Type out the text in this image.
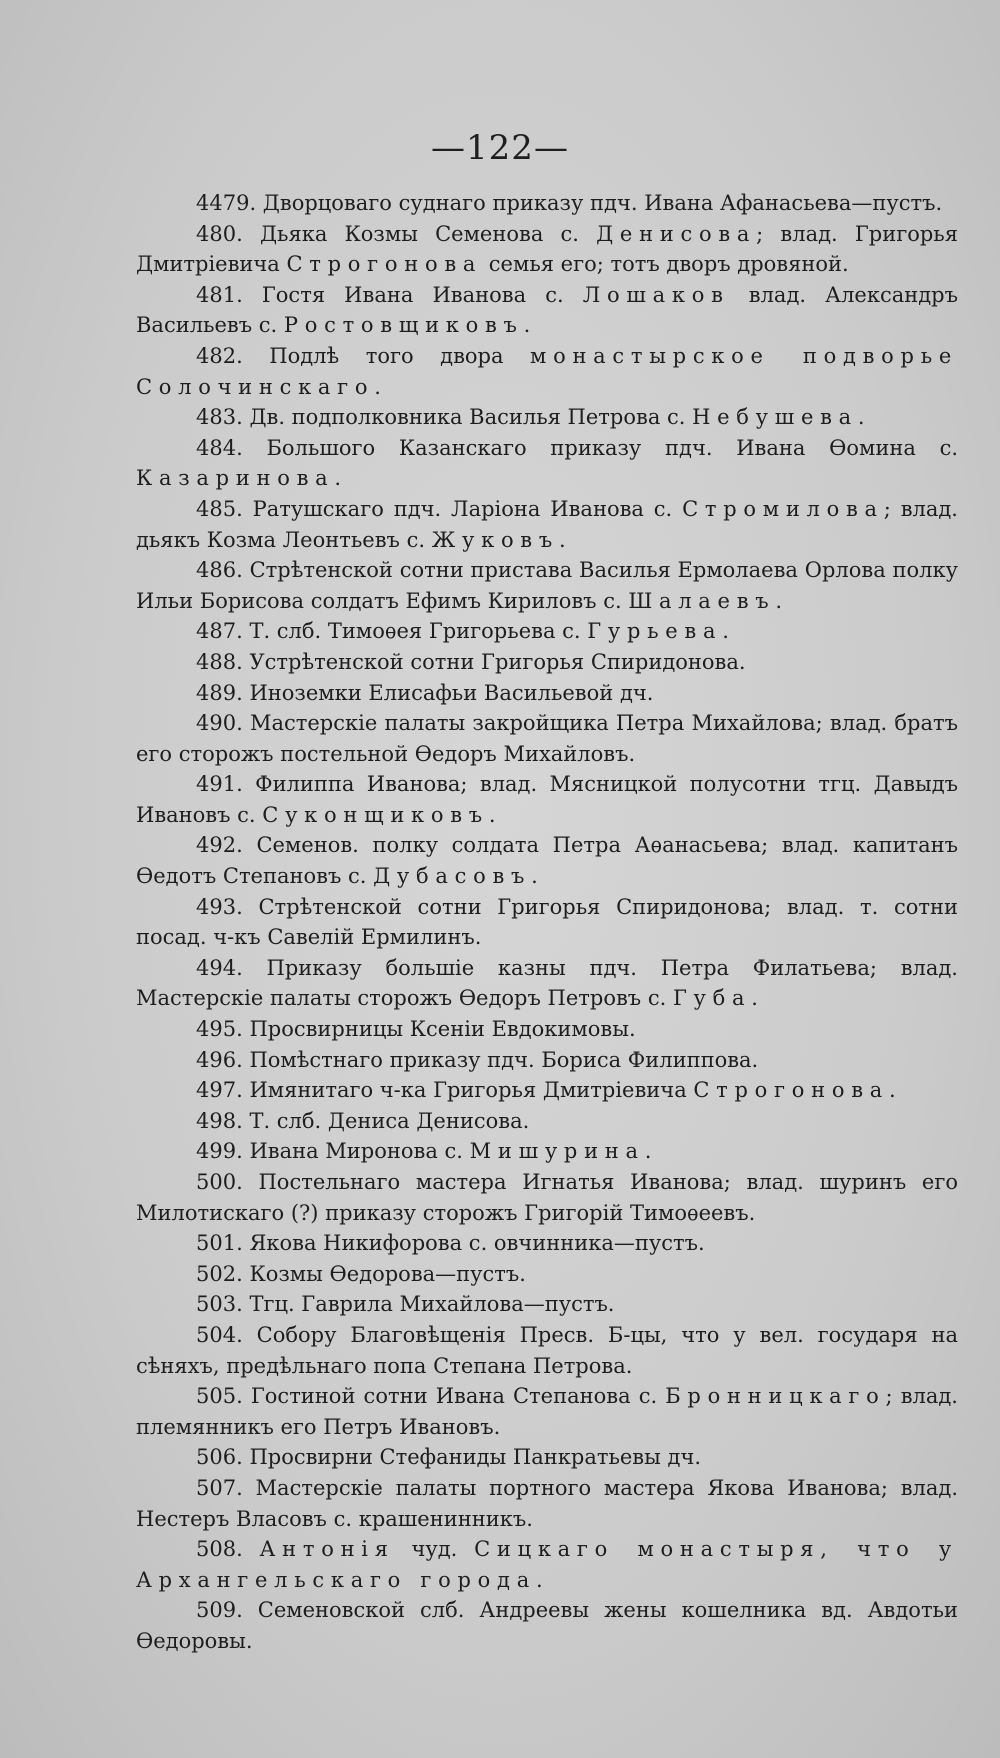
—122—

4479. Дворцоваго суднаго приказу пдч. Ивана Афанасьева—пустъ.

480. Дьяка Козмы Семенова с. Денисова; влад. Григорья Дмитріевича Строгонова семья его; тотъ дворъ дровяной.

481. Гостя Ивана Иванова с. Лошаков влад. Александръ Васильевъ с. Ростовщиковъ.

482. Подлѣ того двора монастырское подворье Солочинскаго.

483. Дв. подполковника Василья Петрова с. Небушева.

484. Большого Казанскаго приказу пдч. Ивана Ѳомина с. Казаринова.

485. Ратушскаго пдч. Ларіона Иванова с. Стромилова; влад. дьякъ Козма Леонтьевъ с. Жуковъ.

486. Стрѣтенской сотни пристава Василья Ермолаева Орлова полку Ильи Борисова солдатъ Ефимъ Кириловъ с. Шалаевъ.

487. Т. слб. Тимоѳея Григорьева с. Гурьева.

488. Устрѣтенской сотни Григорья Спиридонова.

489. Иноземки Елисафьи Васильевой дч.

490. Мастерскіе палаты закройщика Петра Михайлова; влад. братъ его сторожъ постельной Ѳедоръ Михайловъ.

491. Филиппа Иванова; влад. Мясницкой полусотни тгц. Давыдъ Ивановъ с. Суконщиковъ.

492. Семенов. полку солдата Петра Аѳанасьева; влад. капитанъ Ѳедотъ Степановъ с. Дубасовъ.

493. Стрѣтенской сотни Григорья Спиридонова; влад. т. сотни посад. ч-къ Савелій Ермилинъ.

494. Приказу большіе казны пдч. Петра Филатьева; влад. Мастерскіе палаты сторожъ Ѳедоръ Петровъ с. Губа.

495. Просвирницы Ксеніи Евдокимовы.

496. Помѣстнаго приказу пдч. Бориса Филиппова.

497. Имянитаго ч-ка Григорья Дмитріевича Строгонова.

498. Т. слб. Дениса Денисова.

499. Ивана Миронова с. Мишурина.

500. Постельнаго мастера Игнатья Иванова; влад. шуринъ его Милотискаго (?) приказу сторожъ Григорій Тимоѳеевъ.

501. Якова Никифорова с. овчинника—пустъ.

502. Козмы Ѳедорова—пустъ.

503. Тгц. Гаврила Михайлова—пустъ.

504. Собору Благовѣщенія Пресв. Б-цы, что у вел. государя на сѣняхъ, предѣльнаго попа Степана Петрова.

505. Гостиной сотни Ивана Степанова с. Бронницкаго; влад. племянникъ его Петръ Ивановъ.

506. Просвирни Стефаниды Панкратьевы дч.

507. Мастерскіе палаты портного мастера Якова Иванова; влад. Нестеръ Власовъ с. крашенинникъ.

508. Антонія чуд. Сицкаго монастыря, что у Архангельскаго города.

509. Семеновской слб. Андреевы жены кошелника вд. Авдотьи Ѳедоровы.
